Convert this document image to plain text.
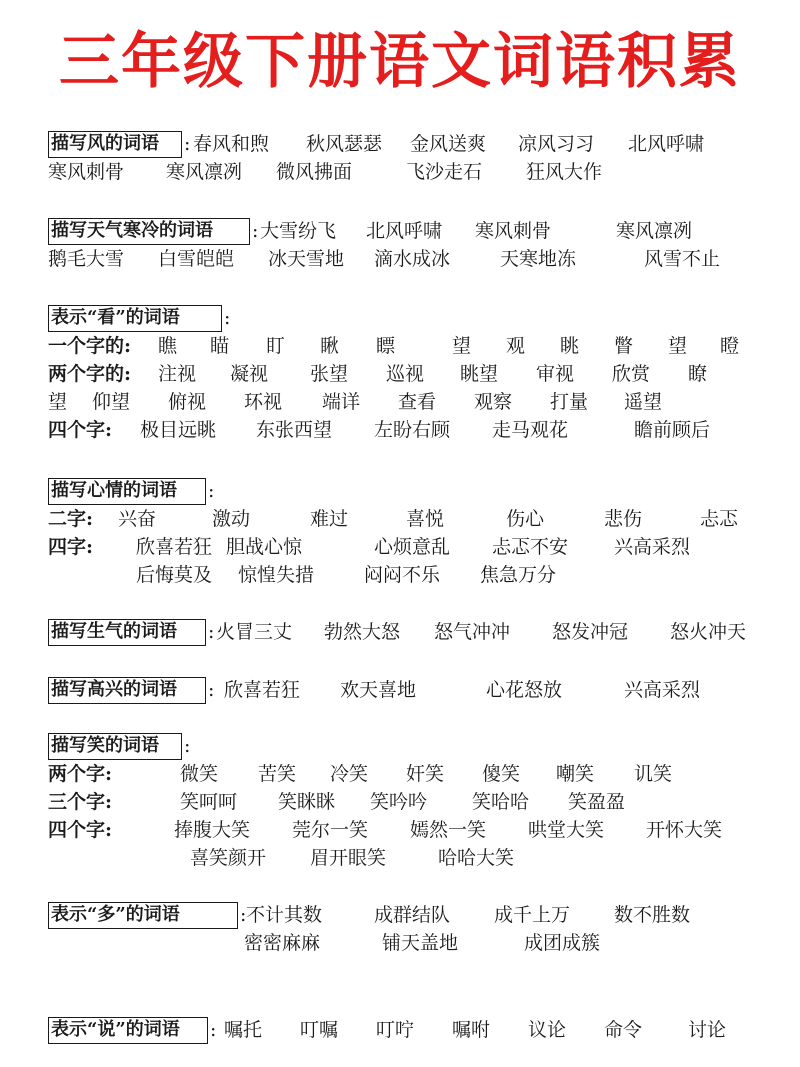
三年级下册语文词语积累
描写风的词语	: 春风和煦 秋风瑟瑟 金风送爽 凉风习习 北风呼啸
寒风刺骨 寒风凛冽 微风拂面	飞沙走石 狂风大作
描写天气寒冷的词语	: 大雪纷飞 北风呼啸 寒风刺骨	寒风凛冽
鹅毛大雪 白雪皑皑 冰天雪地 滴水成冰	天寒地冻	风雪不止
表示“看”的词语	:
一个字的: 瞧 瞄 盯 瞅 瞟	望 观 眺 瞥 望 瞪
两个字的: 注视 凝视 张望 巡视 眺望 审视 欣赏 瞭
望 仰望 俯视 环视 端详 查看 观察 打量 遥望
四个字: 极目远眺 东张西望 左盼右顾 走马观花	瞻前顾后
描写心情的词语	:
二字: 兴奋	激动	难过	喜悦	伤心	悲伤	忐忑
四字: 欣喜若狂 胆战心惊	心烦意乱 忐忑不安 兴高采烈
后悔莫及 惊惶失措	闷闷不乐 焦急万分
描写生气的词语	: 火冒三丈 勃然大怒 怒气冲冲 怒发冲冠 怒火冲天
描写高兴的词语	: 欣喜若狂 欢天喜地	心花怒放	兴高采烈
描写笑的词语	:
两个字:	微笑 苦笑 冷笑 奸笑 傻笑 嘲笑 讥笑
三个字:	笑呵呵 笑眯眯 笑吟吟 笑哈哈 笑盈盈
四个字:	捧腹大笑 莞尔一笑 嫣然一笑 哄堂大笑 开怀大笑
喜笑颜开 眉开眼笑	哈哈大笑
表示“多”的词语	: 不计其数	成群结队 成千上万 数不胜数
密密麻麻	铺天盖地	成团成簇
表示“说”的词语	: 嘱托 叮嘱 叮咛 嘱咐 议论 命令 讨论
